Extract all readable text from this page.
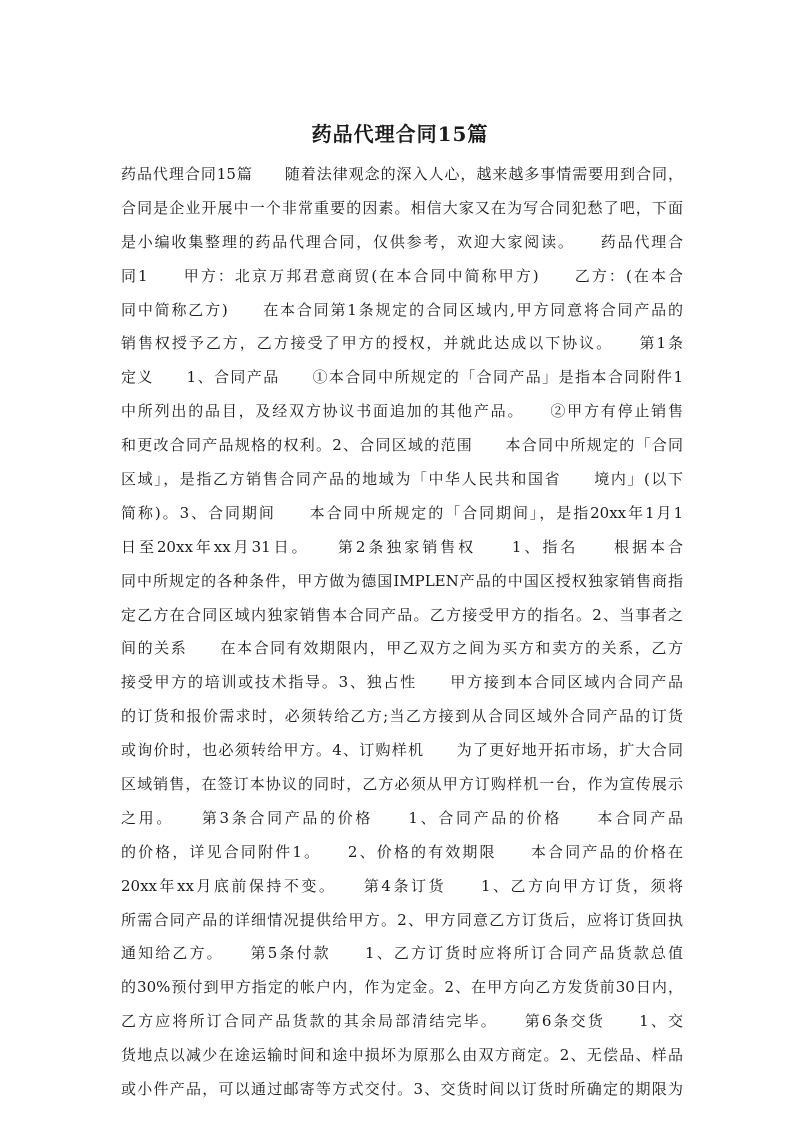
药品代理合同15篇
药品代理合同15篇　　随着法律观念的深入人心，越来越多事情需要用到合同，
合同是企业开展中一个非常重要的因素。相信大家又在为写合同犯愁了吧，下面
是小编收集整理的药品代理合同，仅供参考，欢迎大家阅读。　　药品代理合
同1　　甲方：北京万邦君意商贸(在本合同中简称甲方)　　乙方：(在本合
同中简称乙方)　　在本合同第1条规定的合同区域内,甲方同意将合同产品的
销售权授予乙方，乙方接受了甲方的授权，并就此达成以下协议。　　第1条
定义　　1、合同产品　　①本合同中所规定的「合同产品」是指本合同附件1
中所列出的品目，及经双方协议书面追加的其他产品。　　②甲方有停止销售
和更改合同产品规格的权利。2、合同区域的范围　　本合同中所规定的「合同
区域」，是指乙方销售合同产品的地域为「中华人民共和国省　　境内」(以下
简称)。3、合同期间　　本合同中所规定的「合同期间」，是指20xx年1月1
日至20xx年xx月31日。　　第2条独家销售权　　1、指名　　根据本合
同中所规定的各种条件，甲方做为德国IMPLEN产品的中国区授权独家销售商指
定乙方在合同区域内独家销售本合同产品。乙方接受甲方的指名。2、当事者之
间的关系　　在本合同有效期限内，甲乙双方之间为买方和卖方的关系，乙方
接受甲方的培训或技术指导。3、独占性　　甲方接到本合同区域内合同产品
的订货和报价需求时，必须转给乙方;当乙方接到从合同区域外合同产品的订货
或询价时，也必须转给甲方。4、订购样机　　为了更好地开拓市场，扩大合同
区域销售，在签订本协议的同时，乙方必须从甲方订购样机一台，作为宣传展示
之用。　　第3条合同产品的价格　　1、合同产品的价格　　本合同产品
的价格，详见合同附件1。　　2、价格的有效期限　　本合同产品的价格在
20xx年xx月底前保持不变。　　第4条订货　　1、乙方向甲方订货，须将
所需合同产品的详细情况提供给甲方。2、甲方同意乙方订货后，应将订货回执
通知给乙方。　　第5条付款　　1、乙方订货时应将所订合同产品货款总值
的30%预付到甲方指定的帐户内，作为定金。2、在甲方向乙方发货前30日内，
乙方应将所订合同产品货款的其余局部清结完毕。　　第6条交货　　1、交
货地点以减少在途运输时间和途中损坏为原那么由双方商定。2、无偿品、样品
或小件产品，可以通过邮寄等方式交付。3、交货时间以订货时所确定的期限为
